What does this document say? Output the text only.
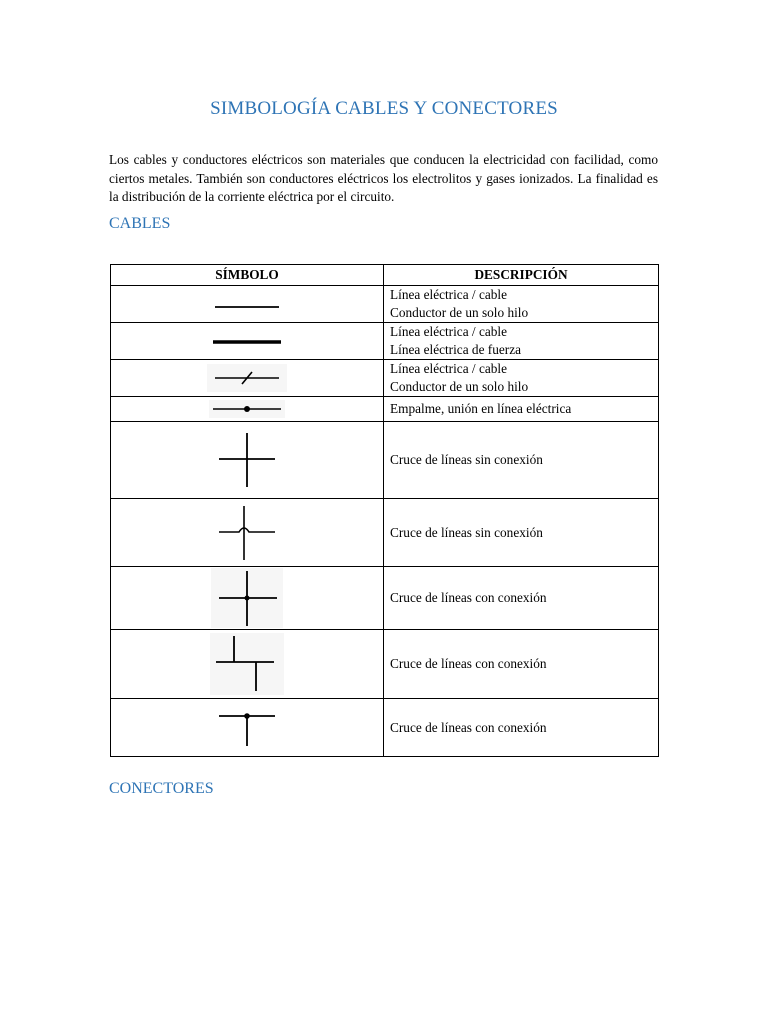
SIMBOLOGÍA CABLES Y CONECTORES
Los cables y conductores eléctricos son materiales que conducen la electricidad con facilidad, como ciertos metales. También son conductores eléctricos los electrolitos y gases ionizados. La finalidad es la distribución de la corriente eléctrica por el circuito.
CABLES
SÍMBOLO	DESCRIPCIÓN

Línea eléctrica / cable
Conductor de un solo hilo

Línea eléctrica / cable
Línea eléctrica de fuerza

Línea eléctrica / cable
Conductor de un solo hilo

Empalme, unión en línea eléctrica

Cruce de líneas sin conexión

Cruce de líneas sin conexión

Cruce de líneas con conexión

Cruce de líneas con conexión

Cruce de líneas con conexión
CONECTORES
